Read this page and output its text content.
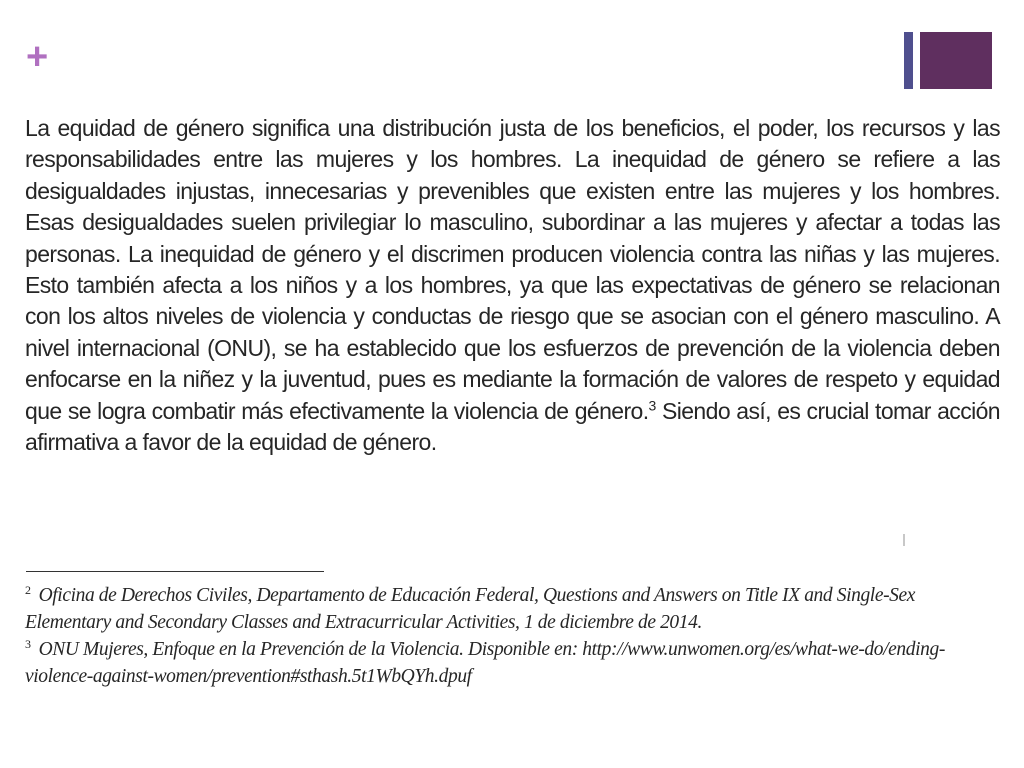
+

La equidad de género significa una distribución justa de los beneficios, el poder, los recursos y las responsabilidades entre las mujeres y los hombres. La inequidad de género se refiere a las desigualdades injustas, innecesarias y prevenibles que existen entre las mujeres y los hombres. Esas desigualdades suelen privilegiar lo masculino, subordinar a las mujeres y afectar a todas las personas. La inequidad de género y el discrimen producen violencia contra las niñas y las mujeres. Esto también afecta a los niños y a los hombres, ya que las expectativas de género se relacionan con los altos niveles de violencia y conductas de riesgo que se asocian con el género masculino. A nivel internacional (ONU), se ha establecido que los esfuerzos de prevención de la violencia deben enfocarse en la niñez y la juventud, pues es mediante la formación de valores de respeto y equidad que se logra combatir más efectivamente la violencia de género.$^3$ Siendo así, es crucial tomar acción afirmativa a favor de la equidad de género.

$^2$ Oficina de Derechos Civiles, Departamento de Educación Federal, Questions and Answers on Title IX and Single-Sex Elementary and Secondary Classes and Extracurricular Activities, 1 de diciembre de 2014.

$^3$ ONU Mujeres, Enfoque en la Prevención de la Violencia. Disponible en: http://www.unwomen.org/es/what-we-do/ending-violence-against-women/prevention#sthash.5t1WbQYh.dpuf
